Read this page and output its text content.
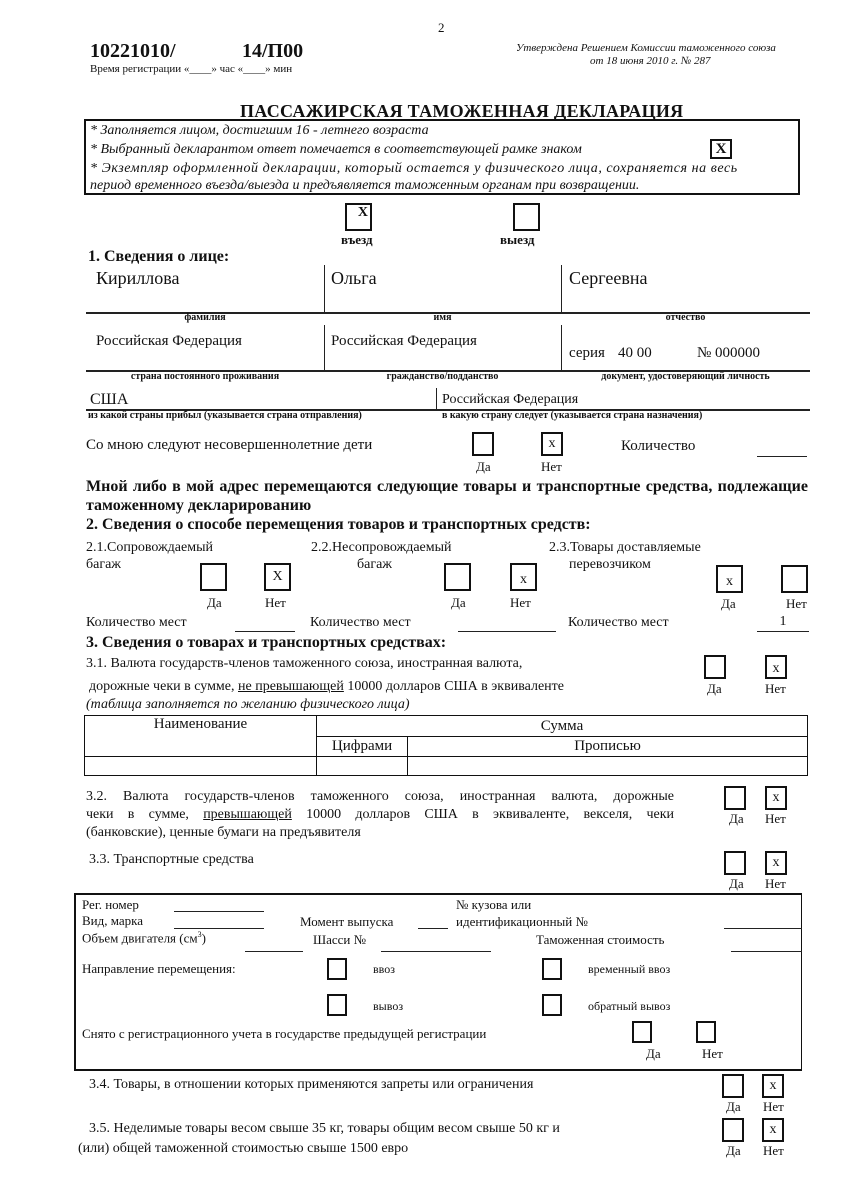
2
10221010/	14/П00
Время регистрации «____» час «____» мин
Утверждена Решением Комиссии таможенного союза
от 18 июня 2010 г. № 287
ПАССАЖИРСКАЯ ТАМОЖЕННАЯ ДЕКЛАРАЦИЯ
* Заполняется лицом, достигшим 16 - летнего возраста
* Выбранный декларантом ответ помечается в соответствующей рамке знаком	X
* Экземпляр оформленной декларации, который остается у физического лица, сохраняется на весь
период временного въезда/выезда и предъявляется таможенным органам при возвращении.
X
въезд	выезд
1. Сведения о лице:
Кириллова	Ольга	Сергеевна
фамилия	имя	отчество
Российская Федерация	Российская Федерация
серия 40 00	№ 000000
страна постоянного проживания	гражданство/подданство	документ, удостоверяющий личность
США	Российская Федерация
из какой страны прибыл (указывается страна отправления)	в какую страну следует (указывается страна назначения)
Со мною следуют несовершеннолетние дети	x
Да	Нет
Количество
Мной либо в мой адрес перемещаются следующие товары и транспортные средства, подлежащие таможенному декларированию
2. Сведения о способе перемещения товаров и транспортных средств:
2.1.Сопровождаемый
багаж
X
Да	Нет
2.2.Несопровождаемый
багаж
x
Да	Нет
2.3.Товары доставляемые
перевозчиком
x
Да	Нет
Количество мест	Количество мест	Количество мест	1
3. Сведения о товарах и транспортных средствах:
3.1. Валюта государств-членов таможенного союза, иностранная валюта,
дорожные чеки в сумме, не превышающей 10000 долларов США в эквиваленте
x
Да	Нет
(таблица заполняется по желанию физического лица)
Наименование	Сумма	
	Цифрами	Прописью

3.2. Валюта государств-членов таможенного союза, иностранная валюта, дорожные
чеки в сумме, превышающей 10000 долларов США в эквиваленте, векселя, чеки
(банковские), ценные бумаги на предъявителя
x
Да Нет
3.3. Транспортные средства	x
Да Нет
Рег. номер
Вид, марка	Момент выпуска
№ кузова или
идентификационный №
Объем двигателя $(см^3)$	Шасси №	Таможенная стоимость
Направление перемещения:	ввоз	временный ввоз
вывоз	обратный вывоз
Снято с регистрационного учета в государстве предыдущей регистрации
Да	Нет
3.4. Товары, в отношении которых применяются запреты или ограничения	x
Да Нет
3.5. Неделимые товары весом свыше 35 кг, товары общим весом свыше 50 кг и
(или) общей таможенной стоимостью свыше 1500 евро
x
Да Нет
